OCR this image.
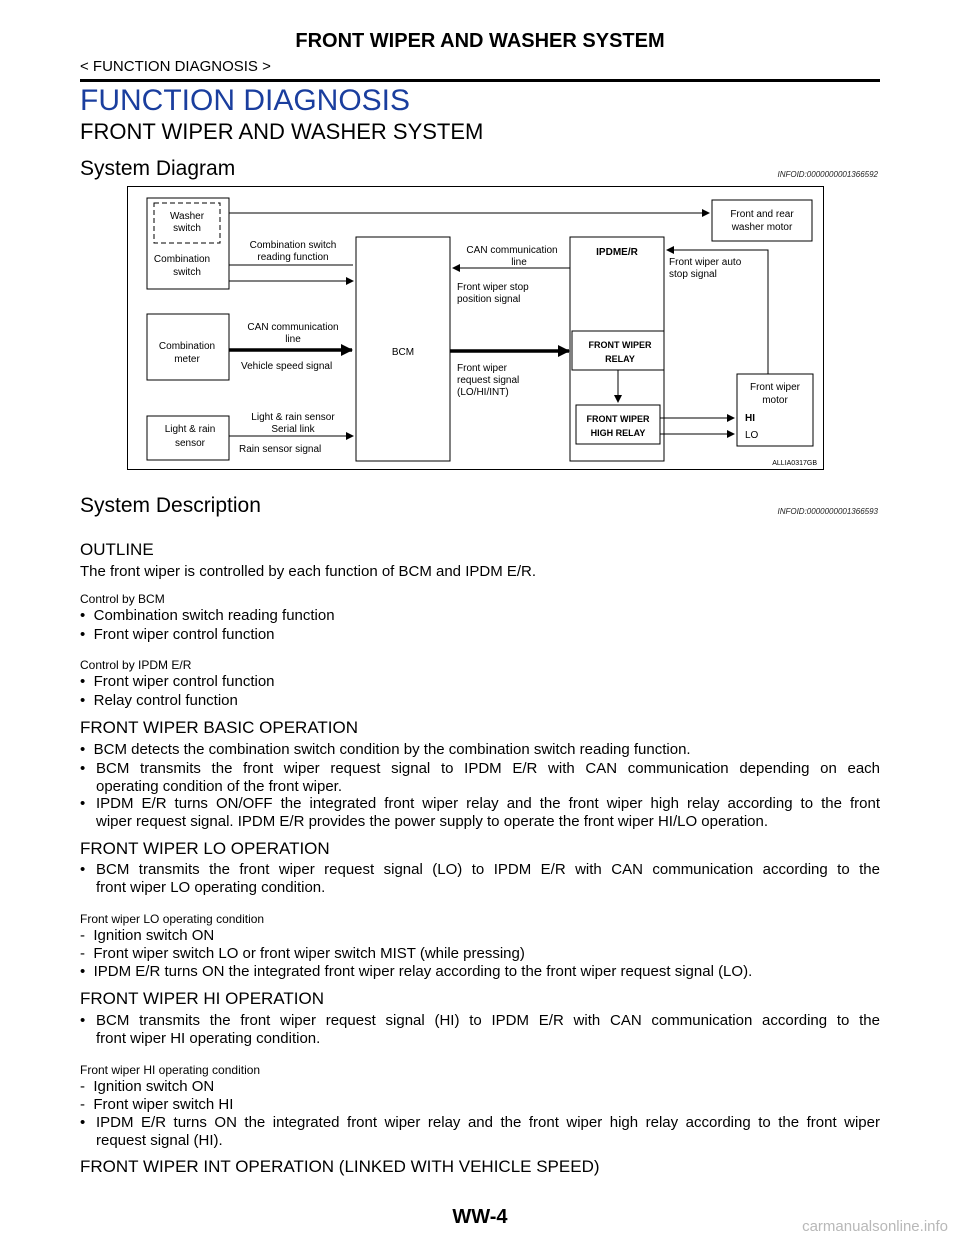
FRONT WIPER AND WASHER SYSTEM
< FUNCTION DIAGNOSIS >
FUNCTION DIAGNOSIS
FRONT WIPER AND WASHER SYSTEM
System Diagram	INFOID:0000000001366592
Washer
switch
Combination
switch
Combination
meter
Light & rain
sensor
BCM
IPDME/R
FRONT WIPER
RELAY
FRONT WIPER
HIGH RELAY
Front and rear
washer motor
Front wiper
motor
HI
LO
Combination switch
reading function
CAN communication
line
Vehicle speed signal
Light & rain sensor
Serial link
Rain sensor signal
CAN communication
line
Front wiper stop
position signal
Front wiper
request signal
(LO/HI/INT)
Front wiper auto
stop signal
ALLIA0317GB
System Description	INFOID:0000000001366593
OUTLINE
The front wiper is controlled by each function of BCM and IPDM E/R.
Control by BCM
• Combination switch reading function
• Front wiper control function
Control by IPDM E/R
• Front wiper control function
• Relay control function
FRONT WIPER BASIC OPERATION
• BCM detects the combination switch condition by the combination switch reading function.
• BCM transmits the front wiper request signal to IPDM E/R with CAN communication depending on each
operating condition of the front wiper.
• IPDM E/R turns ON/OFF the integrated front wiper relay and the front wiper high relay according to the front
wiper request signal. IPDM E/R provides the power supply to operate the front wiper HI/LO operation.
FRONT WIPER LO OPERATION
• BCM transmits the front wiper request signal (LO) to IPDM E/R with CAN communication according to the
front wiper LO operating condition.
Front wiper LO operating condition
- Ignition switch ON
- Front wiper switch LO or front wiper switch MIST (while pressing)
• IPDM E/R turns ON the integrated front wiper relay according to the front wiper request signal (LO).
FRONT WIPER HI OPERATION
• BCM transmits the front wiper request signal (HI) to IPDM E/R with CAN communication according to the
front wiper HI operating condition.
Front wiper HI operating condition
- Ignition switch ON
- Front wiper switch HI
• IPDM E/R turns ON the integrated front wiper relay and the front wiper high relay according to the front wiper
request signal (HI).
FRONT WIPER INT OPERATION (LINKED WITH VEHICLE SPEED)
WW-4	carmanualsonline.info
